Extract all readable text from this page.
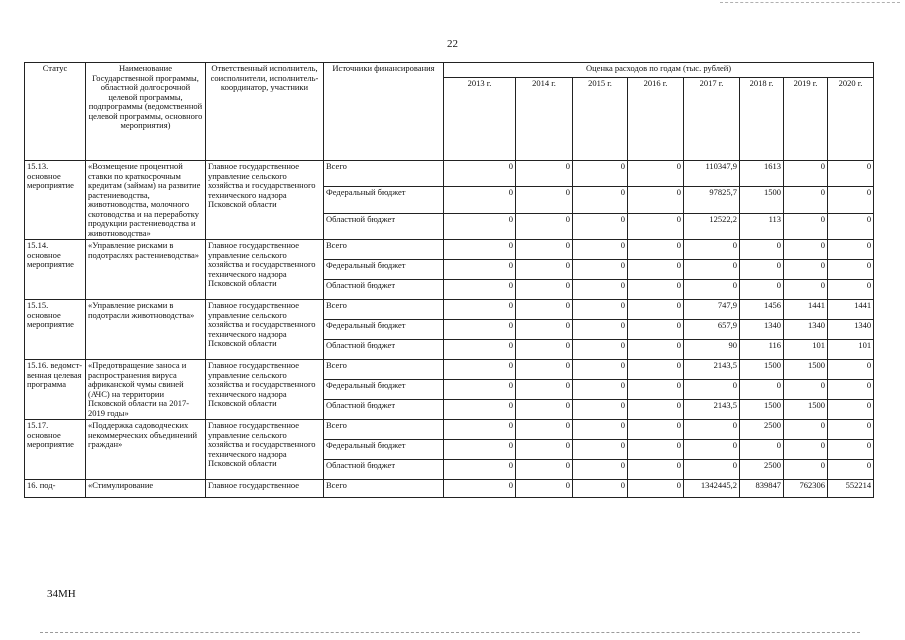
22
Статус	Наименование Государственной программы, областной долгосрочной целевой программы, подпрограммы (ведомственной целевой программы, основного мероприятия)	Ответственный исполнитель, соисполнители, исполнитель-координатор, участники	Источники финансирования	Оценка расходов по годам (тыс. рублей)							
				2013 г.	2014 г.	2015 г.	2016 г.	2017 г.	2018 г.	2019 г.	2020 г.
15.13. основное мероприятие	«Возмещение процентной ставки по краткосрочным кредитам (займам) на развитие растениеводства, животноводства, молочного скотоводства и на переработку продукции растениеводства и животноводства»	Главное государственное управление сельского хозяйства и государственного технического надзора Псковской области	Всего	0	0	0	0	110347,9	1613	0	0
			Федеральный бюджет	0	0	0	0	97825,7	1500	0	0
			Областной бюджет	0	0	0	0	12522,2	113	0	0
15.14. основное мероприятие	«Управление рисками в подотраслях растениеводства»	Главное государственное управление сельского хозяйства и государственного технического надзора Псковской области	Всего	0	0	0	0	0	0	0	0
			Федеральный бюджет	0	0	0	0	0	0	0	0
			Областной бюджет	0	0	0	0	0	0	0	0
15.15. основное мероприятие	«Управление рисками в подотрасли животноводства»	Главное государственное управление сельского хозяйства и государственного технического надзора Псковской области	Всего	0	0	0	0	747,9	1456	1441	1441
			Федеральный бюджет	0	0	0	0	657,9	1340	1340	1340
			Областной бюджет	0	0	0	0	90	116	101	101
15.16. ведомст-венная целевая программа	«Предотвращение заноса и распространения вируса африканской чумы свиней (АЧС) на территории Псковской области на 2017-2019 годы»	Главное государственное управление сельского хозяйства и государственного технического надзора Псковской области	Всего	0	0	0	0	2143,5	1500	1500	0
			Федеральный бюджет	0	0	0	0	0	0	0	0
			Областной бюджет	0	0	0	0	2143,5	1500	1500	0
15.17. основное мероприятие	«Поддержка садоводческих некоммерческих объединений граждан»	Главное государственное управление сельского хозяйства и государственного технического надзора Псковской области	Всего	0	0	0	0	0	2500	0	0
			Федеральный бюджет	0	0	0	0	0	0	0	0
			Областной бюджет	0	0	0	0	0	2500	0	0
16. под-	«Стимулирование	Главное государственное	Всего	0	0	0	0	1342445,2	839847	762306	552214
34МН
